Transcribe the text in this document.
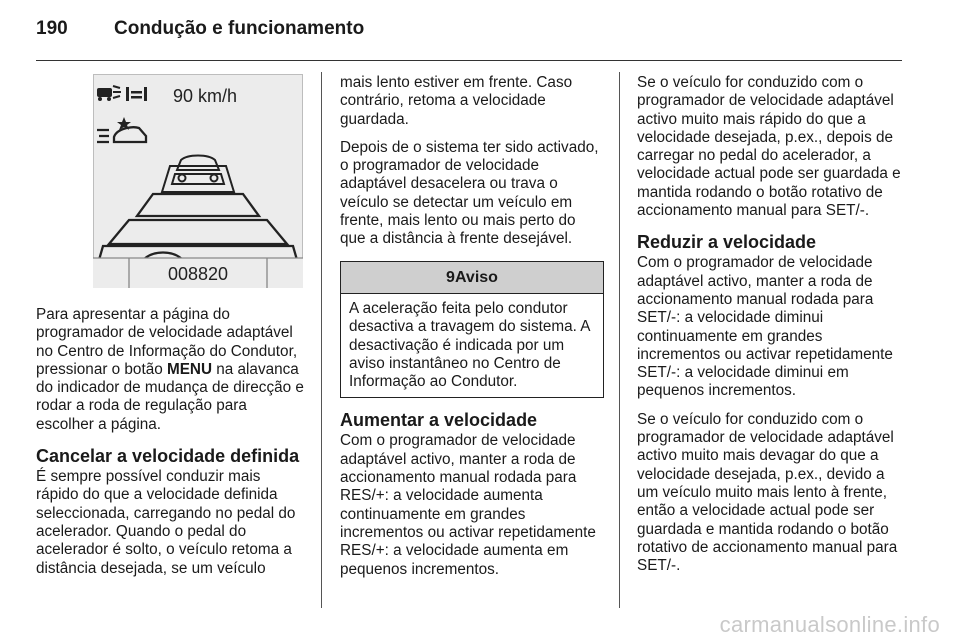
190 Condução e funcionamento
90 km/h
008820

Para apresentar a página do programador de velocidade adaptável no Centro de Informação do Condutor, pressionar o botão MENU na alavanca do indicador de mudança de direcção e rodar a roda de regulação para escolher a página.

Cancelar a velocidade definida

É sempre possível conduzir mais rápido do que a velocidade definida seleccionada, carregando no pedal do acelerador. Quando o pedal do acelerador é solto, o veículo retoma a distância desejada, se um veículo

mais lento estiver em frente. Caso contrário, retoma a velocidade guardada.

Depois de o sistema ter sido activado, o programador de velocidade adaptável desacelera ou trava o veículo se detectar um veículo em frente, mais lento ou mais perto do que a distância à frente desejável.

9Aviso
A aceleração feita pelo condutor desactiva a travagem do sistema. A desactivação é indicada por um aviso instantâneo no Centro de Informação ao Condutor.
Aumentar a velocidade

Com o programador de velocidade adaptável activo, manter a roda de accionamento manual rodada para RES/+: a velocidade aumenta continuamente em grandes incrementos ou activar repetidamente RES/+: a velocidade aumenta em pequenos incrementos.

Se o veículo for conduzido com o programador de velocidade adaptável activo muito mais rápido do que a velocidade desejada, p.ex., depois de carregar no pedal do acelerador, a velocidade actual pode ser guardada e mantida rodando o botão rotativo de accionamento manual para SET/-.

Reduzir a velocidade

Com o programador de velocidade adaptável activo, manter a roda de accionamento manual rodada para SET/-: a velocidade diminui continuamente em grandes incrementos ou activar repetidamente SET/-: a velocidade diminui em pequenos incrementos.

Se o veículo for conduzido com o programador de velocidade adaptável activo muito mais devagar do que a velocidade desejada, p.ex., devido a um veículo muito mais lento à frente, então a velocidade actual pode ser guardada e mantida rodando o botão rotativo de accionamento manual para SET/-.

carmanualsonline.info
